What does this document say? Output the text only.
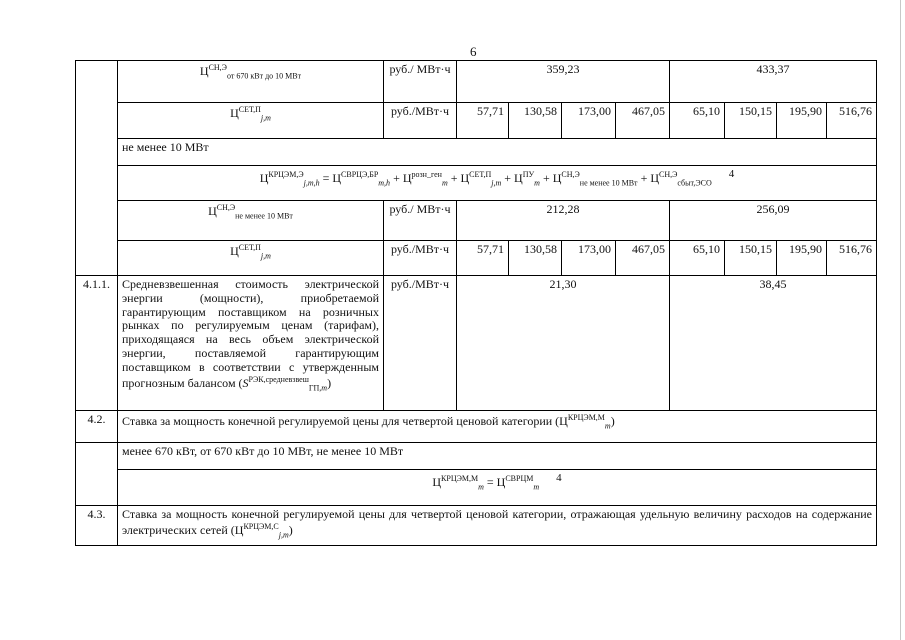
6
	$Ц^{СН,Э}_{от 670 кВт до 10 МВт}$	руб./ МВт·ч	359,23				433,37			
	$Ц^{СЕТ,П}_{j,m}$	руб./МВт·ч	57,71	130,58	173,00	467,05	65,10	150,15	195,90	516,76
	не менее 10 МВт									
	$Ц^{КРЦЭМ,Э}_{j,m,h} = Ц^{СВРЦЭ,БР}_{m,h} + Ц^{розн\_ген}_m + Ц^{СЕТ,П}_{j,m} + Ц^{ПУ}_m + Ц^{СН,Э}_{не менее 10 МВт} + Ц^{СН,Э}_{сбыт,ЭСО}$ 4									
	$Ц^{СН,Э}_{не менее 10 МВт}$	руб./ МВт·ч	212,28				256,09			
	$Ц^{СЕТ,П}_{j,m}$	руб./МВт·ч	57,71	130,58	173,00	467,05	65,10	150,15	195,90	516,76
4.1.1.	Средневзвешенная стоимость электрической энергии (мощности), приобретаемой гарантирующим поставщиком на розничных рынках по регулируемым ценам (тарифам), приходящаяся на весь объем электрической энергии, поставляемой гарантирующим поставщиком в соответствии с утвержденным прогнозным балансом $(S^{РЭК,средневзвеш}_{ГП,m})$	руб./МВт·ч	21,30				38,45			
4.2.	Ставка за мощность конечной регулируемой цены для четвертой ценовой категории $(Ц^{КРЦЭМ,М}_m)$									
	менее 670 кВт, от 670 кВт до 10 МВт, не менее 10 МВт									
	$Ц^{КРЦЭМ,М}_m = Ц^{СВРЦМ}_m$ 4									
4.3.	Ставка за мощность конечной регулируемой цены для четвертой ценовой категории, отражающая удельную величину расходов на содержание электрических сетей $(Ц^{КРЦЭМ,С}_{j,m})$									
